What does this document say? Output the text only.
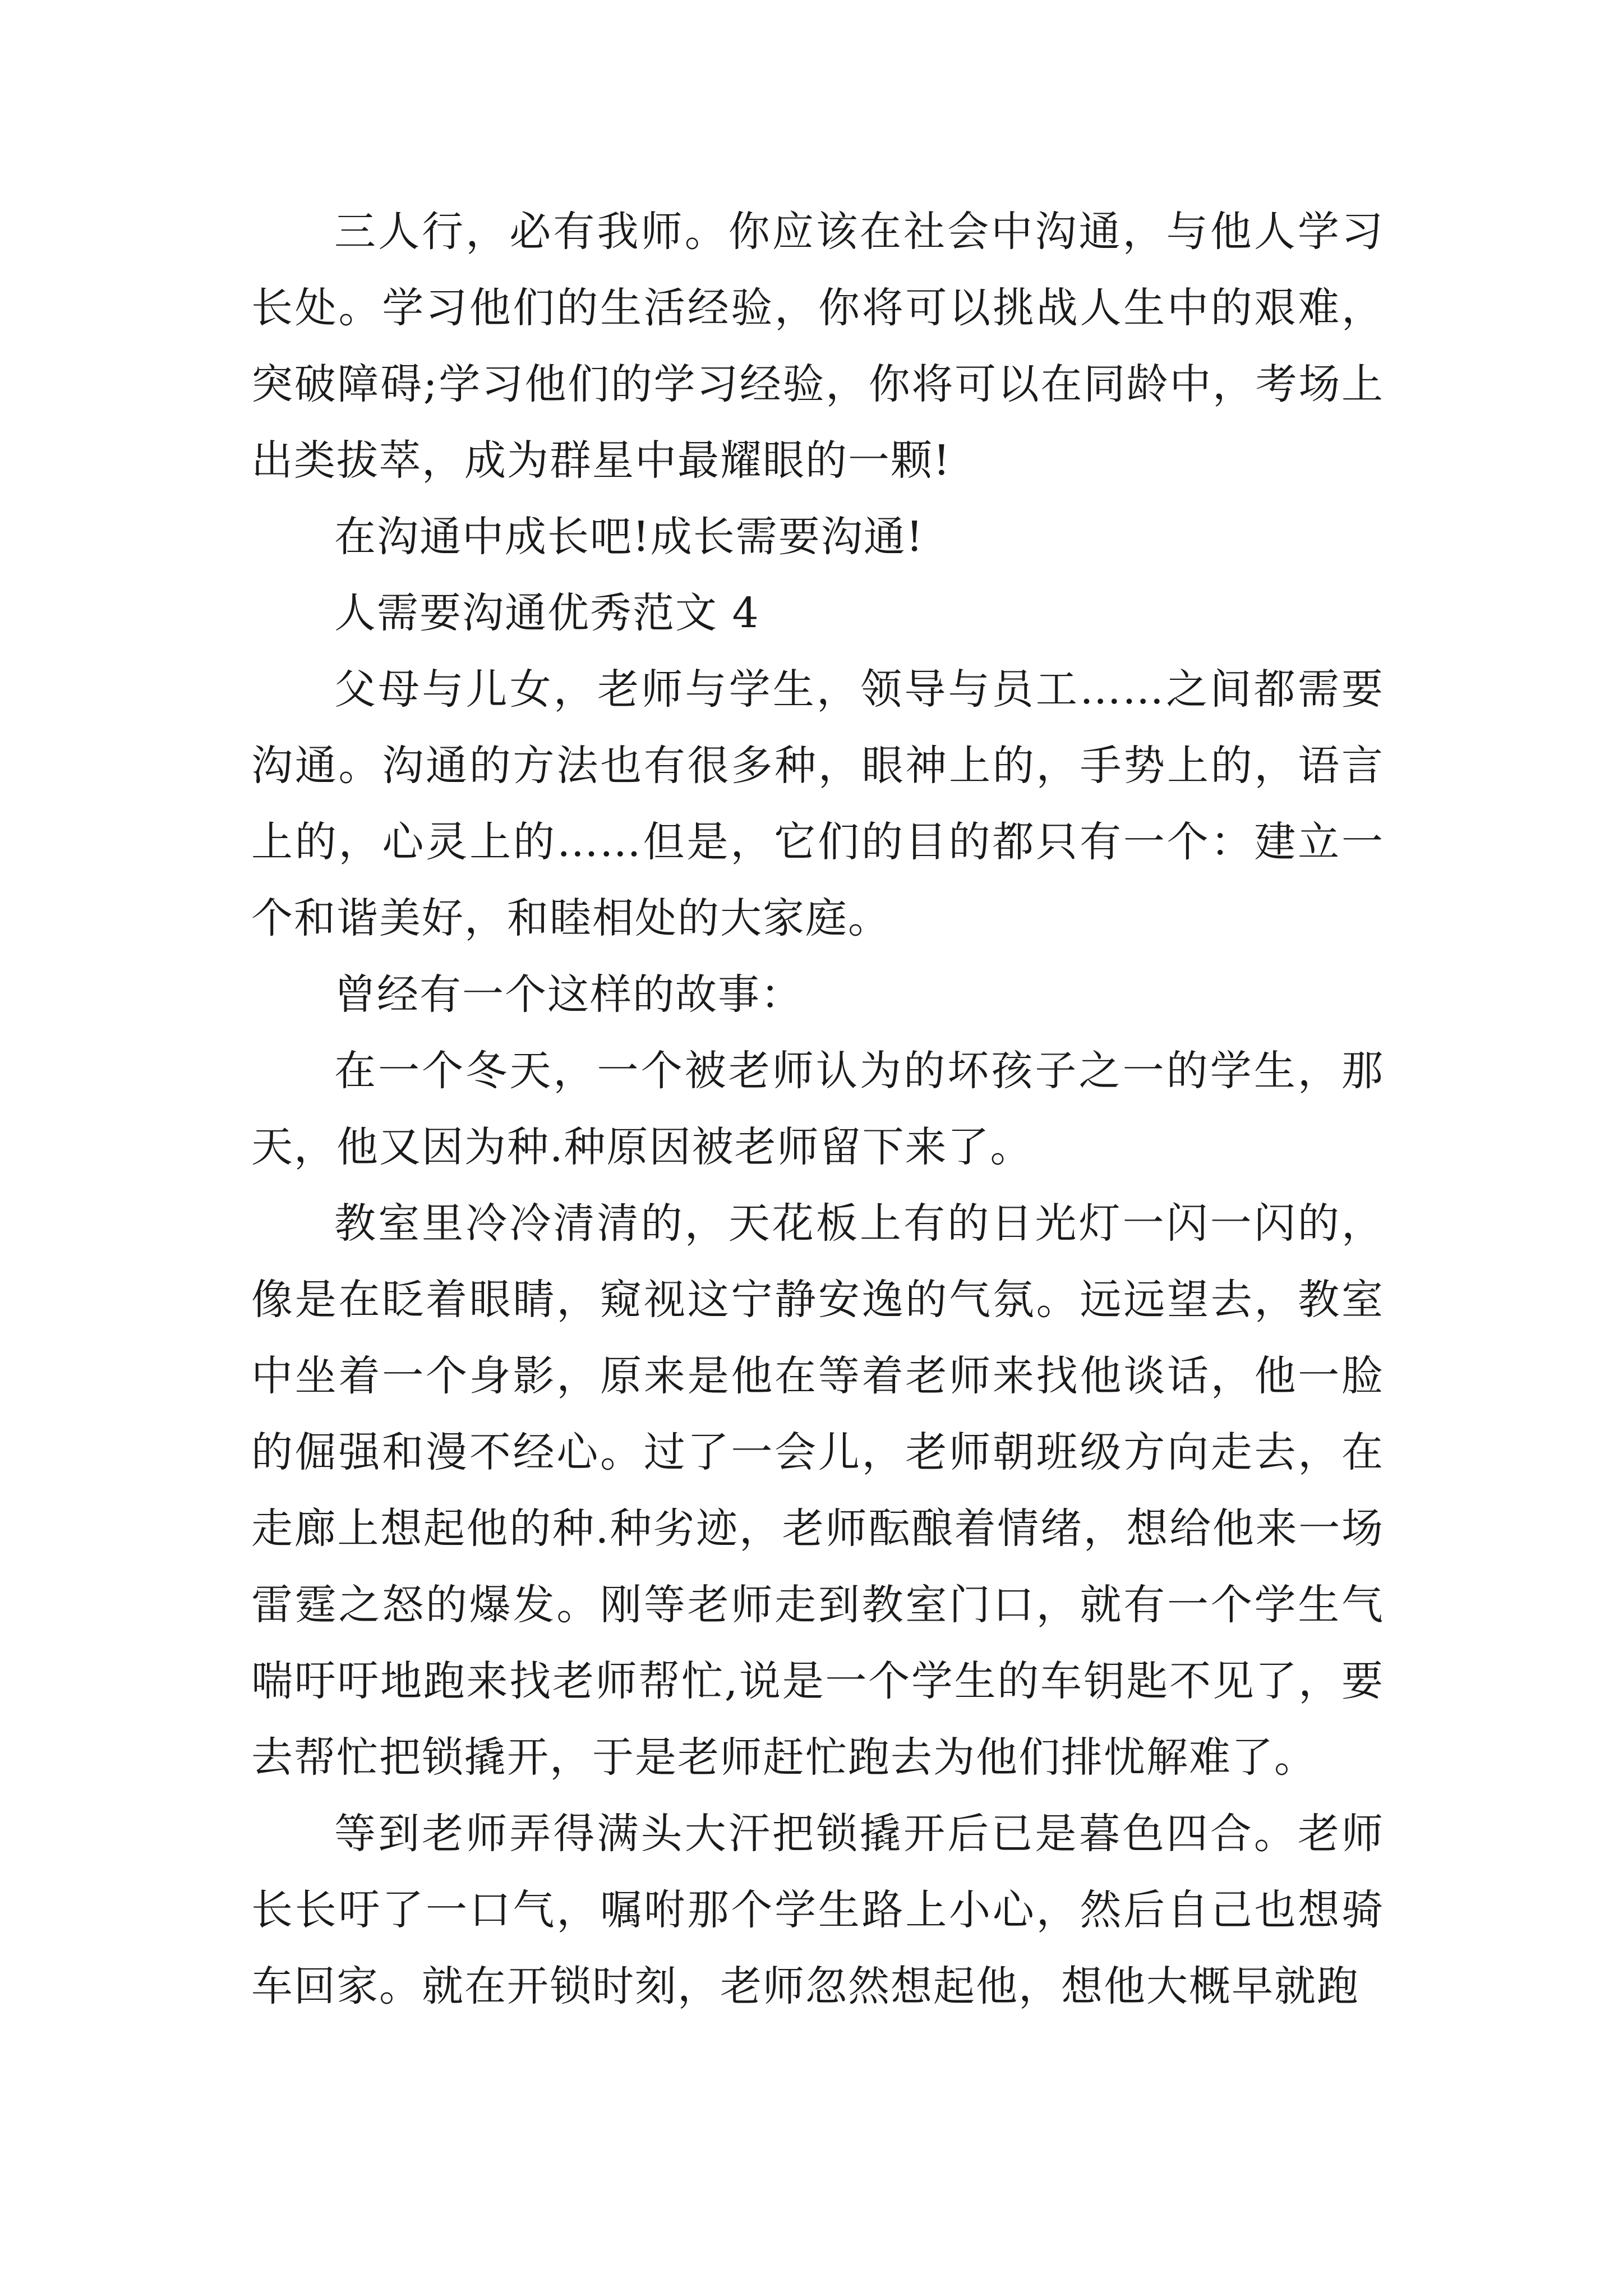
三人行，必有我师。你应该在社会中沟通，与他人学习长处。学习他们的生活经验，你将可以挑战人生中的艰难，突破障碍;学习他们的学习经验，你将可以在同龄中，考场上出类拔萃，成为群星中最耀眼的一颗!

在沟通中成长吧!成长需要沟通!

人需要沟通优秀范文 4

父母与儿女，老师与学生，领导与员工……之间都需要沟通。沟通的方法也有很多种，眼神上的，手势上的，语言上的，心灵上的……但是，它们的目的都只有一个：建立一个和谐美好，和睦相处的大家庭。

曾经有一个这样的故事：

在一个冬天，一个被老师认为的坏孩子之一的学生，那天，他又因为种.种原因被老师留下来了。

教室里冷冷清清的，天花板上有的日光灯一闪一闪的，像是在眨着眼睛，窥视这宁静安逸的气氛。远远望去，教室中坐着一个身影，原来是他在等着老师来找他谈话，他一脸的倔强和漫不经心。过了一会儿，老师朝班级方向走去，在走廊上想起他的种.种劣迹，老师酝酿着情绪，想给他来一场雷霆之怒的爆发。刚等老师走到教室门口，就有一个学生气喘吁吁地跑来找老师帮忙,说是一个学生的车钥匙不见了，要去帮忙把锁撬开，于是老师赶忙跑去为他们排忧解难了。

等到老师弄得满头大汗把锁撬开后已是暮色四合。老师长长吁了一口气，嘱咐那个学生路上小心，然后自己也想骑车回家。就在开锁时刻，老师忽然想起他，想他大概早就跑
